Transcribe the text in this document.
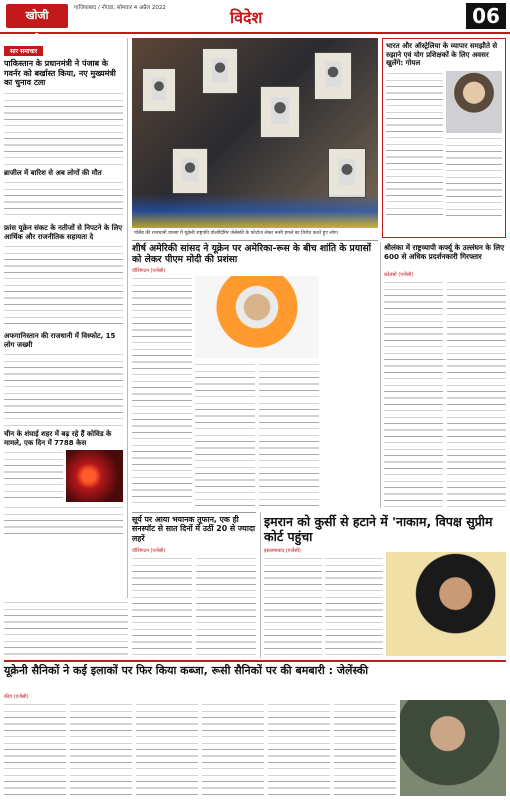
खोजी एनसीआर
गाजियाबाद / नोएडा, सोमवार 4 अप्रैल 2022	विदेश	06
सार समाचार
पाकिस्तान के प्रधानमंत्री ने पंजाब के गवर्नर को बर्खास्त किया, नए मुख्यमंत्री का चुनाव टला
ब्राजील में बारिश से अब लोगों की मौत
फ्रांस यूक्रेन संकट के नतीजों से निपटने के लिए आर्थिक और राजनीतिक सहायता दे
अफगानिस्तान की राजधानी में विस्फोट, 15 लोग जख्मी
चीन के शंघाई शहर में बढ़ रहे हैं कोविड के मामले, एक दिन में 7788 केस
पोलैंड की राजधानी वारसा में यूक्रेनी राष्ट्रपति वोलोदिमिर जेलेंस्की के फोटोज लेकर रूसी हमले का विरोध करते हुए लोग।
भारत और ऑस्ट्रेलिया के व्यापार समझौते से रुझाने एवं योग प्रशिक्षकों के लिए अवसर खुलेंगे: गोयल
शीर्ष अमेरिकी सांसद ने यूक्रेन पर अमेरिका-रूस के बीच शांति के प्रयासों को लेकर पीएम मोदी की प्रशंसा
वॉशिंगटन (एजेंसी)
श्रीलंका में राष्ट्रव्यापी कर्फ्यू के उल्लंघन के लिए 600 से अधिक प्रदर्शनकारी गिरफ्तार
कोलंबो (एजेंसी)
सूर्य पर आया भयानक तूफान, एक ही सनस्पॉट से सात दिनों में उठीं 20 से ज्यादा लहरें
वॉशिंगटन (एजेंसी)
इमरान को कुर्सी से हटाने में 'नाकाम, विपक्ष सुप्रीम कोर्ट पहुंचा
इस्लामाबाद (एजेंसी)
यूक्रेनी सैनिकों ने कई इलाकों पर फिर किया कब्जा, रूसी सैनिकों पर की बमबारी : जेलेंस्की
कीव (एजेंसी)
